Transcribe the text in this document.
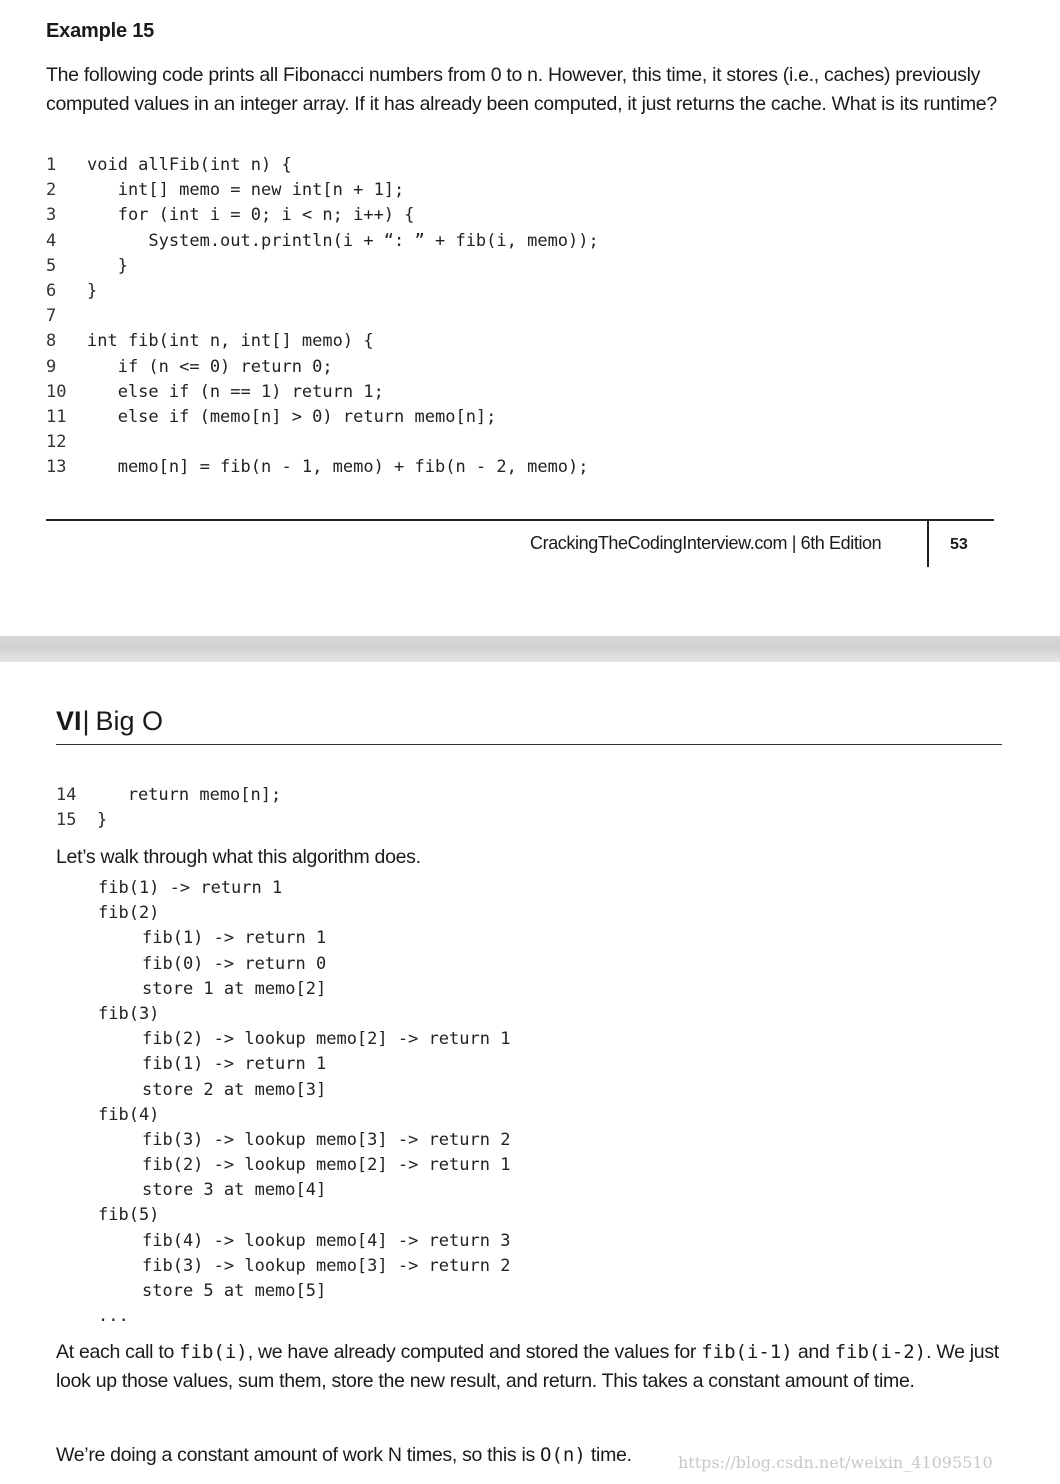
Example 15

The following code prints all Fibonacci numbers from 0 to n. However, this time, it stores (i.e., caches) previously computed values in an integer array. If it has already been computed, it just returns the cache. What is its runtime?

1 void allFib(int n) {
2   int[] memo = new int[n + 1];
3   for (int i = 0; i < n; i++) {
4      System.out.println(i + “: ” + fib(i, memo));
5   }
6 }
7
8 int fib(int n, int[] memo) {
9   if (n <= 0) return 0;
10   else if (n == 1) return 1;
11   else if (memo[n] > 0) return memo[n];
12
13   memo[n] = fib(n - 1, memo) + fib(n - 2, memo);
CrackingTheCodingInterview.com | 6th Edition	53
VI| Big O
14   return memo[n];
15 }

Let’s walk through what this algorithm does.

fib(1) -> return 1
fib(2)
fib(1) -> return 1
fib(0) -> return 0
store 1 at memo[2]
fib(3)
fib(2) -> lookup memo[2] -> return 1
fib(1) -> return 1
store 2 at memo[3]
fib(4)
fib(3) -> lookup memo[3] -> return 2
fib(2) -> lookup memo[2] -> return 1
store 3 at memo[4]
fib(5)
fib(4) -> lookup memo[4] -> return 3
fib(3) -> lookup memo[3] -> return 2
store 5 at memo[5]
...

At each call to fib(i), we have already computed and stored the values for fib(i-1) and fib(i-2). We just look up those values, sum them, store the new result, and return. This takes a constant amount of time.

We’re doing a constant amount of work N times, so this is O(n) time.	https://blog.csdn.net/weixin_41095510
